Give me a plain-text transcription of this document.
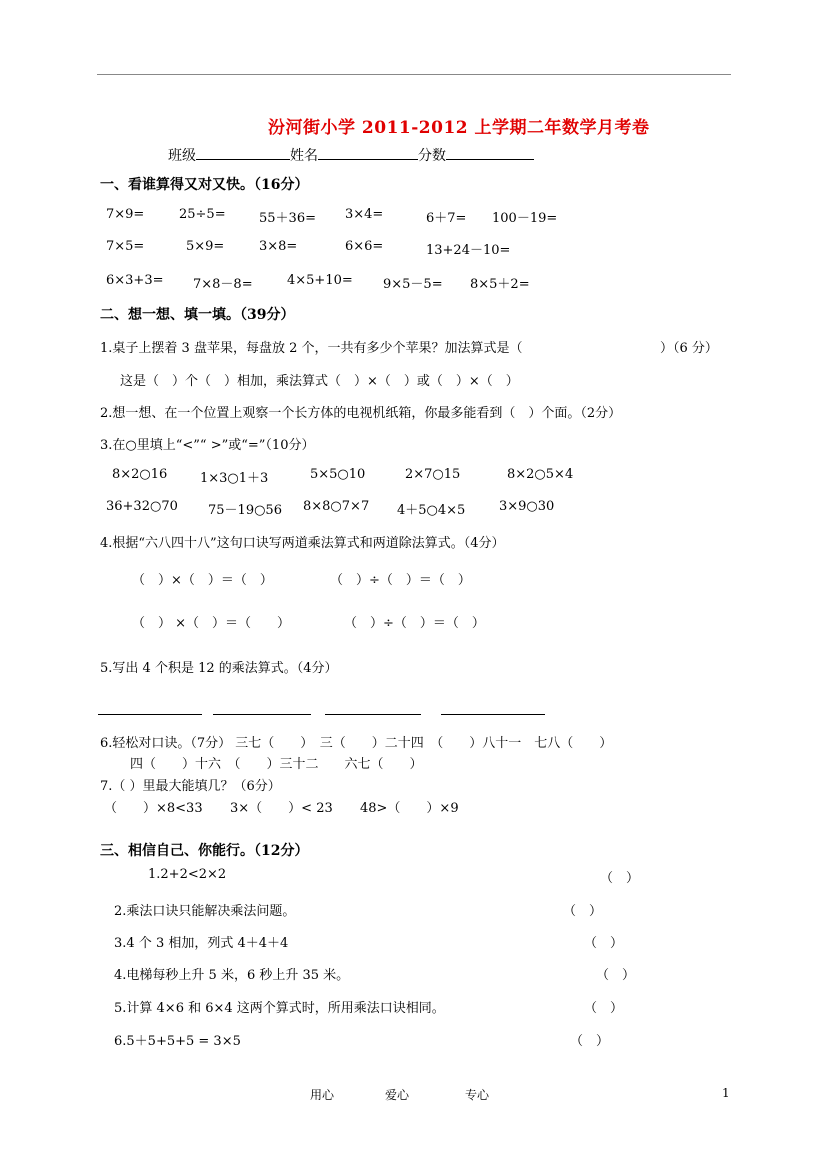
汾河街小学 2011-2012 上学期二年数学月考卷
班级	姓名	分数
一、看谁算得又对又快。（16分）
7×9=	25÷5=	55＋36= 3×4=	6＋7= 100－19=
7×5=	5×9=	3×8=	6×6=	13+24－10=
6×3+3= 7×8－8=	4×5+10= 9×5－5= 8×5＋2=
二、想一想、填一填。（39分）
1.桌子上摆着 3 盘苹果，每盘放 2 个，一共有多少个苹果？加法算式是（	）（6 分）
这是（　）个（　）相加，乘法算式（　）×（　）或（　）×（　）
2.想一想、在一个位置上观察一个长方体的电视机纸箱，你最多能看到（　）个面。（2分）
3.在○里填上“<”“ >”或“=”（10分）
8×2○16	1×3○1＋3	5×5○10	2×7○15	8×2○5×4
36+32○70 75－19○56 8×8○7×7 4＋5○4×5	3×9○30
4.根据“六八四十八”这句口诀写两道乘法算式和两道除法算式。（4分）
（　）×（　）＝（　）	（　）÷（　）＝（　）
（　） ×（　）＝（　　）	（　）÷（　）＝（　）
5.写出 4 个积是 12 的乘法算式。（4分）
6.轻松对口诀。（7分） 三七（　　）　三（　　）二十四　（　　）八十一　七八（　　）
四（　　）十六　（　　）三十二　　六七（　　）
7.（ ）里最大能填几？（6分）
（　　）×8<33 3×（　　）< 23 48>（　　）×9
三、相信自己、你能行。（12分）
1.2+2<2×2	（　）
2.乘法口诀只能解决乘法问题。	（　）
3.4 个 3 相加，列式 4＋4＋4	（　）
4.电梯每秒上升 5 米，6 秒上升 35 米。	（　）
5.计算 4×6 和 6×4 这两个算式时，所用乘法口诀相同。	（　）
6.5＋5+5+5 = 3×5	（　）
用心	爱心	专心	1
